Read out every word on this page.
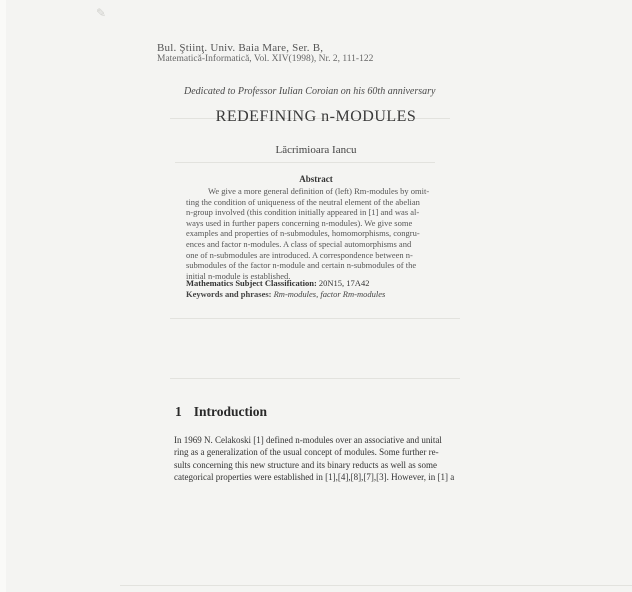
✎
Bul. Ştiinţ. Univ. Baia Mare, Ser. B,
Matematică-Informatică, Vol. XIV(1998), Nr. 2, 111-122
Dedicated to Professor Iulian Coroian on his 60th anniversary
REDEFINING n-MODULES
Lăcrimioara Iancu
Abstract

We give a more general definition of (left) Rm-modules by omit-

ting the condition of uniqueness of the neutral element of the abelian

n-group involved (this condition initially appeared in [1] and was al-

ways used in further papers concerning n-modules). We give some

examples and properties of n-submodules, homomorphisms, congru-

ences and factor n-modules. A class of special automorphisms and

one of n-submodules are introduced. A correspondence between n-

submodules of the factor n-module and certain n-submodules of the

initial n-module is established.

Mathematics Subject Classification: 20N15, 17A42
Keywords and phrases: Rm-modules, factor Rm-modules
1 Introduction

In 1969 N. Celakoski [1] defined n-modules over an associative and unital

ring as a generalization of the usual concept of modules. Some further re-

sults concerning this new structure and its binary reducts as well as some

categorical properties were established in [1],[4],[8],[7],[3]. However, in [1] a
